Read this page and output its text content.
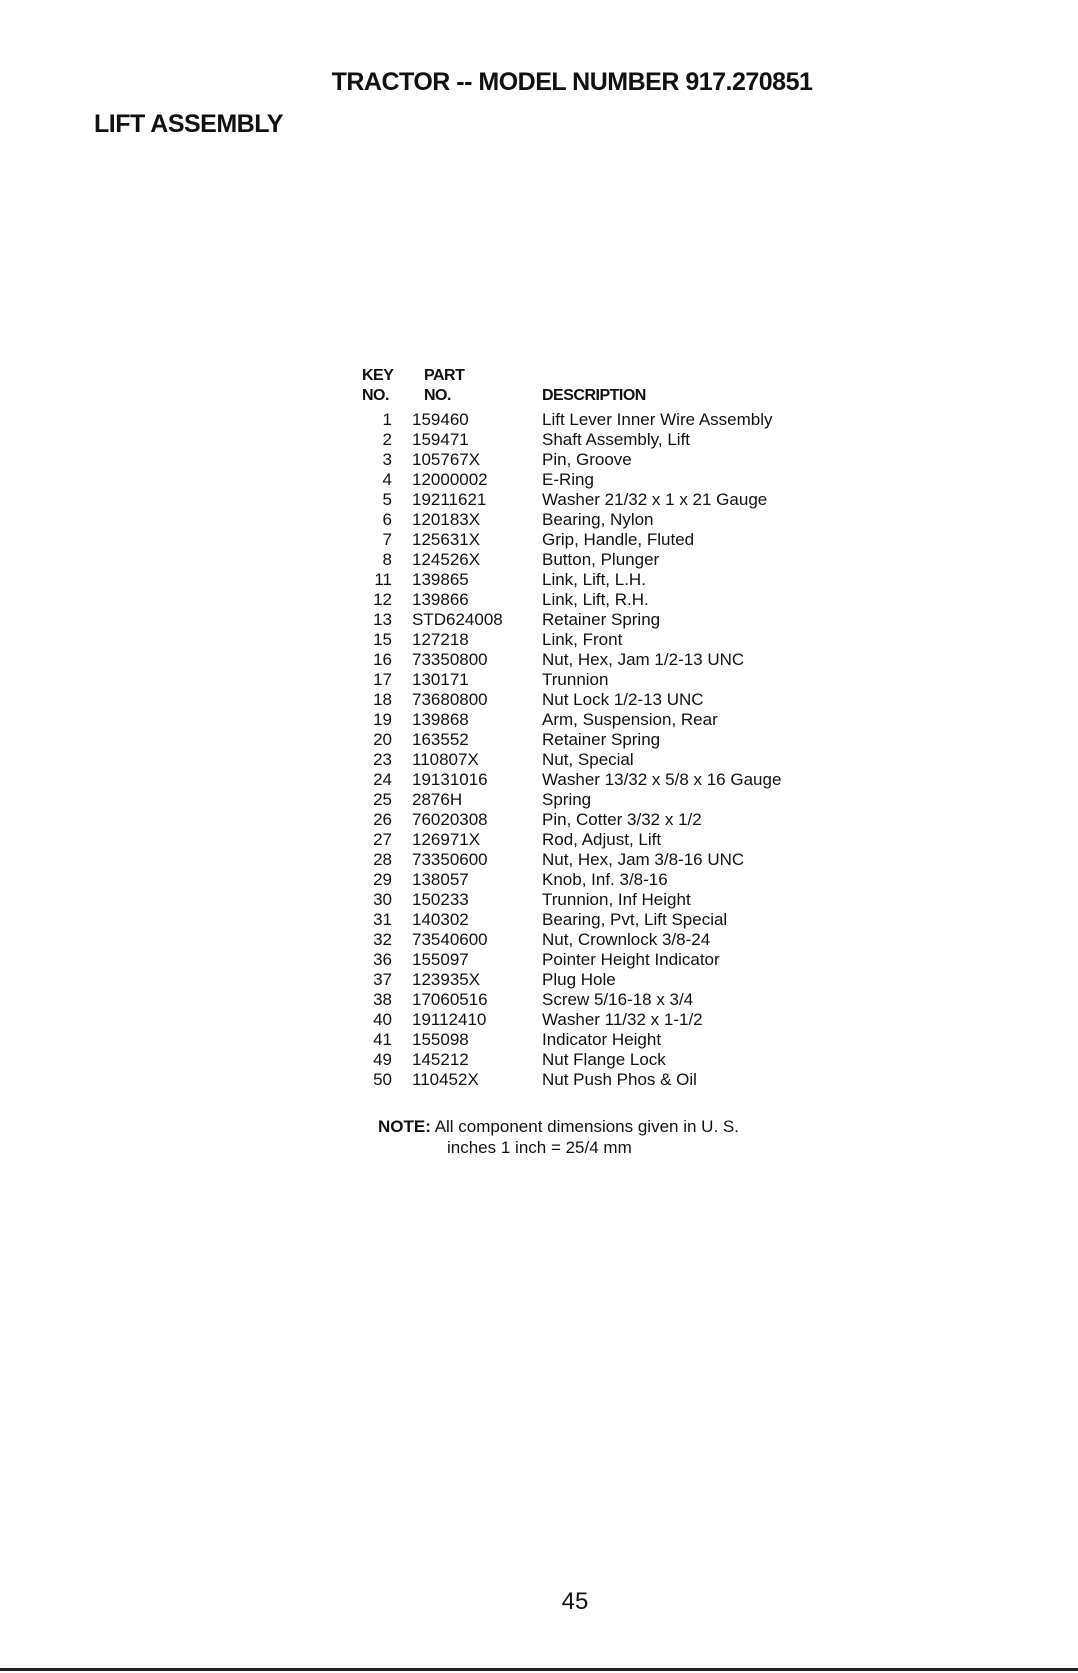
TRACTOR -- MODEL NUMBER 917.270851
LIFT ASSEMBLY
KEY
NO.
PART
NO.	DESCRIPTION
1 159460	Lift Lever Inner Wire Assembly
2 159471	Shaft Assembly, Lift
3 105767X	Pin, Groove
4 12000002	E-Ring
5 19211621	Washer 21/32 x 1 x 21 Gauge
6 120183X	Bearing, Nylon
7 125631X	Grip, Handle, Fluted
8 124526X	Button, Plunger
11 139865	Link, Lift, L.H.
12 139866	Link, Lift, R.H.
13 STD624008 Retainer Spring
15 127218	Link, Front
16 73350800	Nut, Hex, Jam 1/2-13 UNC
17 130171	Trunnion
18 73680800	Nut Lock 1/2-13 UNC
19 139868	Arm, Suspension, Rear
20 163552	Retainer Spring
23 110807X	Nut, Special
24 19131016	Washer 13/32 x 5/8 x 16 Gauge
25 2876H	Spring
26 76020308	Pin, Cotter 3/32 x 1/2
27 126971X	Rod, Adjust, Lift
28 73350600	Nut, Hex, Jam 3/8-16 UNC
29 138057	Knob, Inf. 3/8-16
30 150233	Trunnion, Inf Height
31 140302	Bearing, Pvt, Lift Special
32 73540600	Nut, Crownlock 3/8-24
36 155097	Pointer Height Indicator
37 123935X	Plug Hole
38 17060516	Screw 5/16-18 x 3/4
40 19112410	Washer 11/32 x 1-1/2
41 155098	Indicator Height
49 145212	Nut Flange Lock
50 110452X	Nut Push Phos & Oil
NOTE: All component dimensions given in U. S.
inches 1 inch = 25/4 mm
45
